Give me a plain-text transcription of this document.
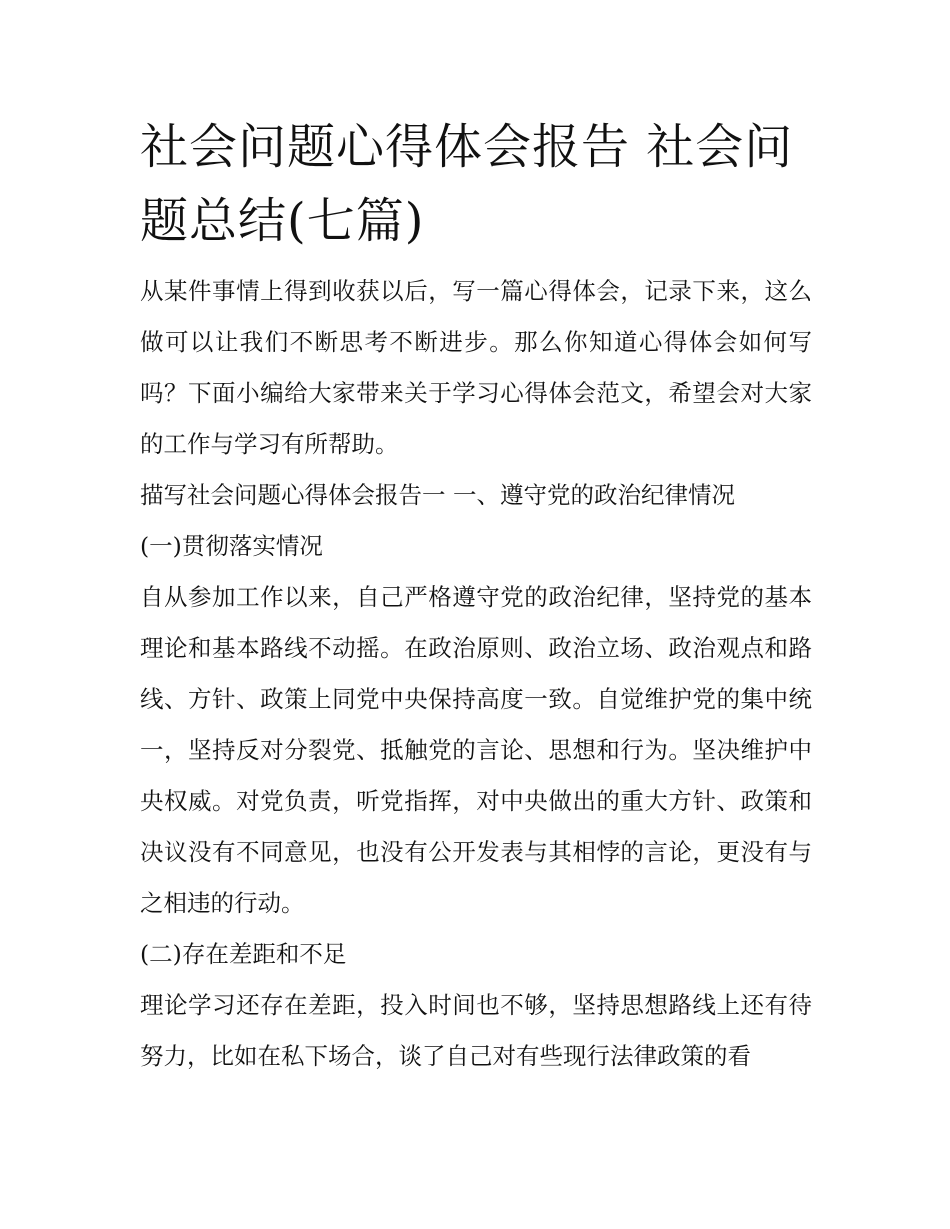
社会问题心得体会报告 社会问题总结(七篇)

从某件事情上得到收获以后，写一篇心得体会，记录下来，这么做可以让我们不断思考不断进步。那么你知道心得体会如何写吗？下面小编给大家带来关于学习心得体会范文，希望会对大家的工作与学习有所帮助。

描写社会问题心得体会报告一 一、遵守党的政治纪律情况

(一)贯彻落实情况

自从参加工作以来，自己严格遵守党的政治纪律，坚持党的基本理论和基本路线不动摇。在政治原则、政治立场、政治观点和路线、方针、政策上同党中央保持高度一致。自觉维护党的集中统一，坚持反对分裂党、抵触党的言论、思想和行为。坚决维护中央权威。对党负责，听党指挥，对中央做出的重大方针、政策和决议没有不同意见，也没有公开发表与其相悖的言论，更没有与之相违的行动。

(二)存在差距和不足

理论学习还存在差距，投入时间也不够，坚持思想路线上还有待努力，比如在私下场合，谈了自己对有些现行法律政策的看
